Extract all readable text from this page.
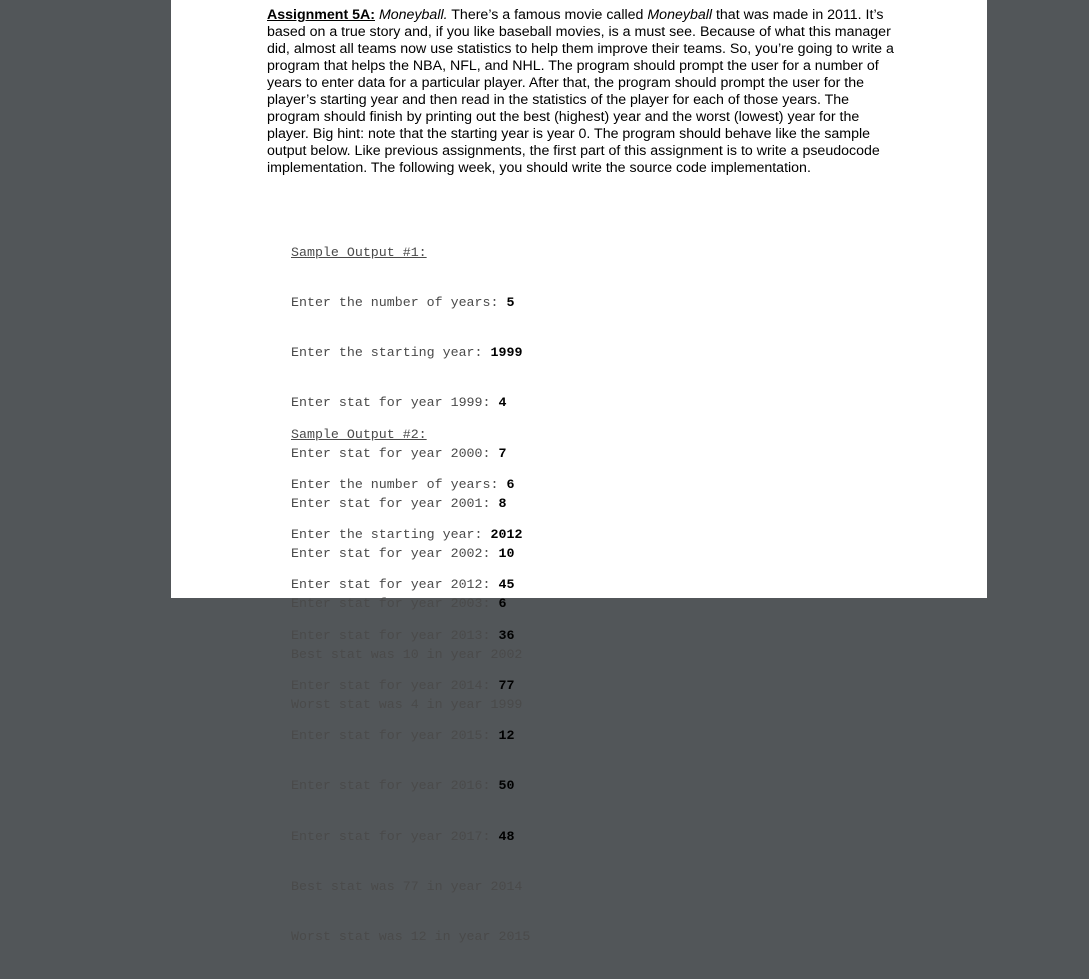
Assignment 5A: Moneyball. There’s a famous movie called Moneyball that was made in 2011. It’s based on a true story and, if you like baseball movies, is a must see. Because of what this manager did, almost all teams now use statistics to help them improve their teams. So, you’re going to write a program that helps the NBA, NFL, and NHL. The program should prompt the user for a number of years to enter data for a particular player. After that, the program should prompt the user for the player’s starting year and then read in the statistics of the player for each of those years. The program should finish by printing out the best (highest) year and the worst (lowest) year for the player. Big hint: note that the starting year is year 0. The program should behave like the sample output below. Like previous assignments, the first part of this assignment is to write a pseudocode implementation. The following week, you should write the source code implementation.

Sample Output #1:

Enter the number of years: 5

Enter the starting year: 1999

Enter stat for year 1999: 4

Enter stat for year 2000: 7

Enter stat for year 2001: 8

Enter stat for year 2002: 10

Enter stat for year 2003: 6

Best stat was 10 in year 2002

Worst stat was 4 in year 1999

Sample Output #2:

Enter the number of years: 6

Enter the starting year: 2012

Enter stat for year 2012: 45

Enter stat for year 2013: 36

Enter stat for year 2014: 77

Enter stat for year 2015: 12

Enter stat for year 2016: 50

Enter stat for year 2017: 48

Best stat was 77 in year 2014

Worst stat was 12 in year 2015
